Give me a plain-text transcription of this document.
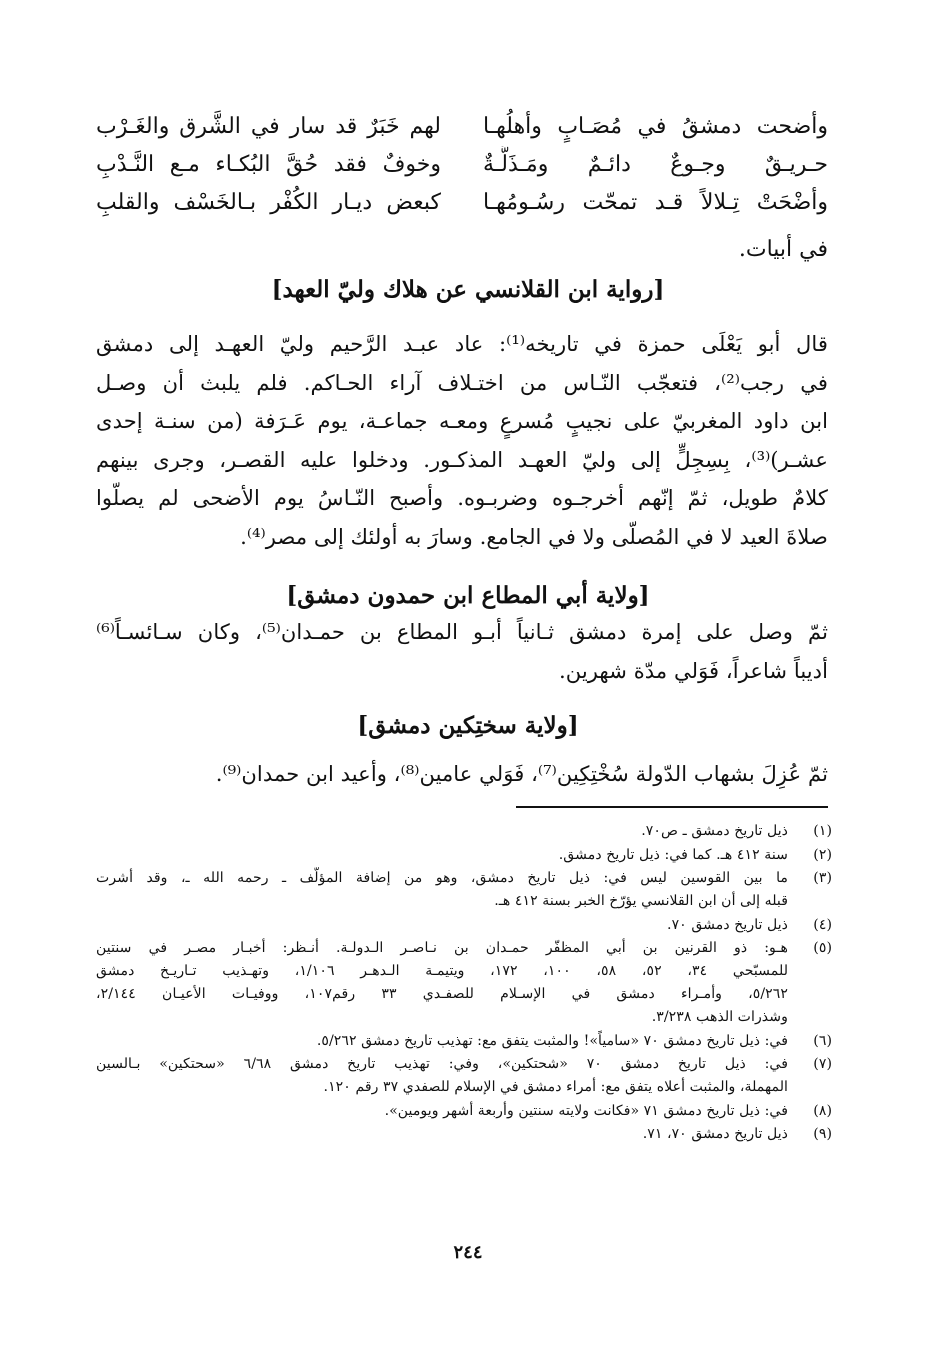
وأضحت دمشقُ في مُصَـابٍ وأهلُهـا
لهم خَبَرٌ قد سار في الشَّرق والغَـرْب
حـريـقٌ وجـوعٌ دائـمٌ ومَـذَلَّـةٌ
وخوفٌ فقد حُقَّ البُكـاء مـع النَّـدْبِ
وأضْحَتْ تِـلالاً قـد تمحّت رسُـومُهـا
كبعض ديـار الكُفْر بـالخَسْف والقلبِ
في أبيات.
[رواية ابن القلانسي عن هلاك وليّ العهد]
قال أبو يَعْلَى حمزة في تاريخه⁽¹⁾: عاد عبـد الرَّحيم وليّ العهـد إلى دمشق
في رجب⁽²⁾، فتعجّب النّـاس من اختـلاف آراء الحـاكم. فلم يلبث أن وصـل
ابن داود المغربيّ على نجيبٍ مُسرعٍ ومعـه جماعـة، يوم عَـرَفة (من سنـة إحدى
عشـر)⁽³⁾، بِسِجِلٍّ إلى وليّ العهـد المذكـور. ودخلوا عليه القصـر، وجرى بينهم
كلامٌ طويل، ثمّ إنّهم أخرجـوه وضربـوه. وأصبح النّـاسُ يوم الأضحى لم يصلّوا
صلاةَ العيد لا في المُصلّى ولا في الجامع. وسارَ به أولئك إلى مصر⁽⁴⁾.
[ولاية أبي المطاع ابن حمدون دمشق]
ثمّ وصل على إمرة دمشق ثـانياً أبـو المطاع بن حمـدان⁽⁵⁾، وكان سـائسـاً⁽⁶⁾
أديباً شاعراً، فَوَلي مدّة شهرين.
[ولاية سختِكين دمشق]
ثمّ عُزِلَ بشهاب الدّولة سُخْتِكِين⁽⁷⁾، فَوَلي عامين⁽⁸⁾، وأعيد ابن حمدان⁽⁹⁾.
(١)
ذيل تاريخ دمشق ـ ص٧٠.
(٢)
سنة ٤١٢ هـ. كما في: ذيل تاريخ دمشق.
(٣)
ما بين القوسين ليس في: ذيل تاريخ دمشق، وهو من إضافة المؤلّف ـ رحمه الله ـ، وقد أشرت
قبله إلى أن ابن القلانسي يؤرّخ الخبر بسنة ٤١٢ هـ.
(٤)
ذيل تاريخ دمشق ٧٠.
(٥)
هـو: ذو القرنين بن أبي المظفّر حمـدان بن نـاصـر الـدولـة. أنـظر: أخبـار مصـر في سنتين
للمسبّحي ٣٤، ٥٢، ٥٨، ١٠٠، ١٧٢، ويتيمـة الـدهـر ١/١٠٦، وتهـذيب تـاريـخ دمشق
٥/٢٦٢، وأمـراء دمشق في الإسـلام للصفـدي ٣٣ رقم١٠٧، ووفيـات الأعيـان ٢/١٤٤،
وشذرات الذهب ٣/٢٣٨.
(٦)
في: ذيل تاريخ دمشق ٧٠ «سامياً»! والمثبت يتفق مع: تهذيب تاريخ دمشق ٥/٢٦٢.
(٧)
في: ذيل تاريخ دمشق ٧٠ «شحتكين»، وفي: تهذيب تاريخ دمشق ٦/٦٨ «سحتكين» بـالسين
المهملة، والمثبت أعلاه يتفق مع: أمراء دمشق في الإسلام للصفدي ٣٧ رقم ١٢٠.
(٨)
في: ذيل تاريخ دمشق ٧١ «فكانت ولايته سنتين وأربعة أشهر ويومين».
(٩)
ذيل تاريخ دمشق ٧٠، ٧١.
٢٤٤
